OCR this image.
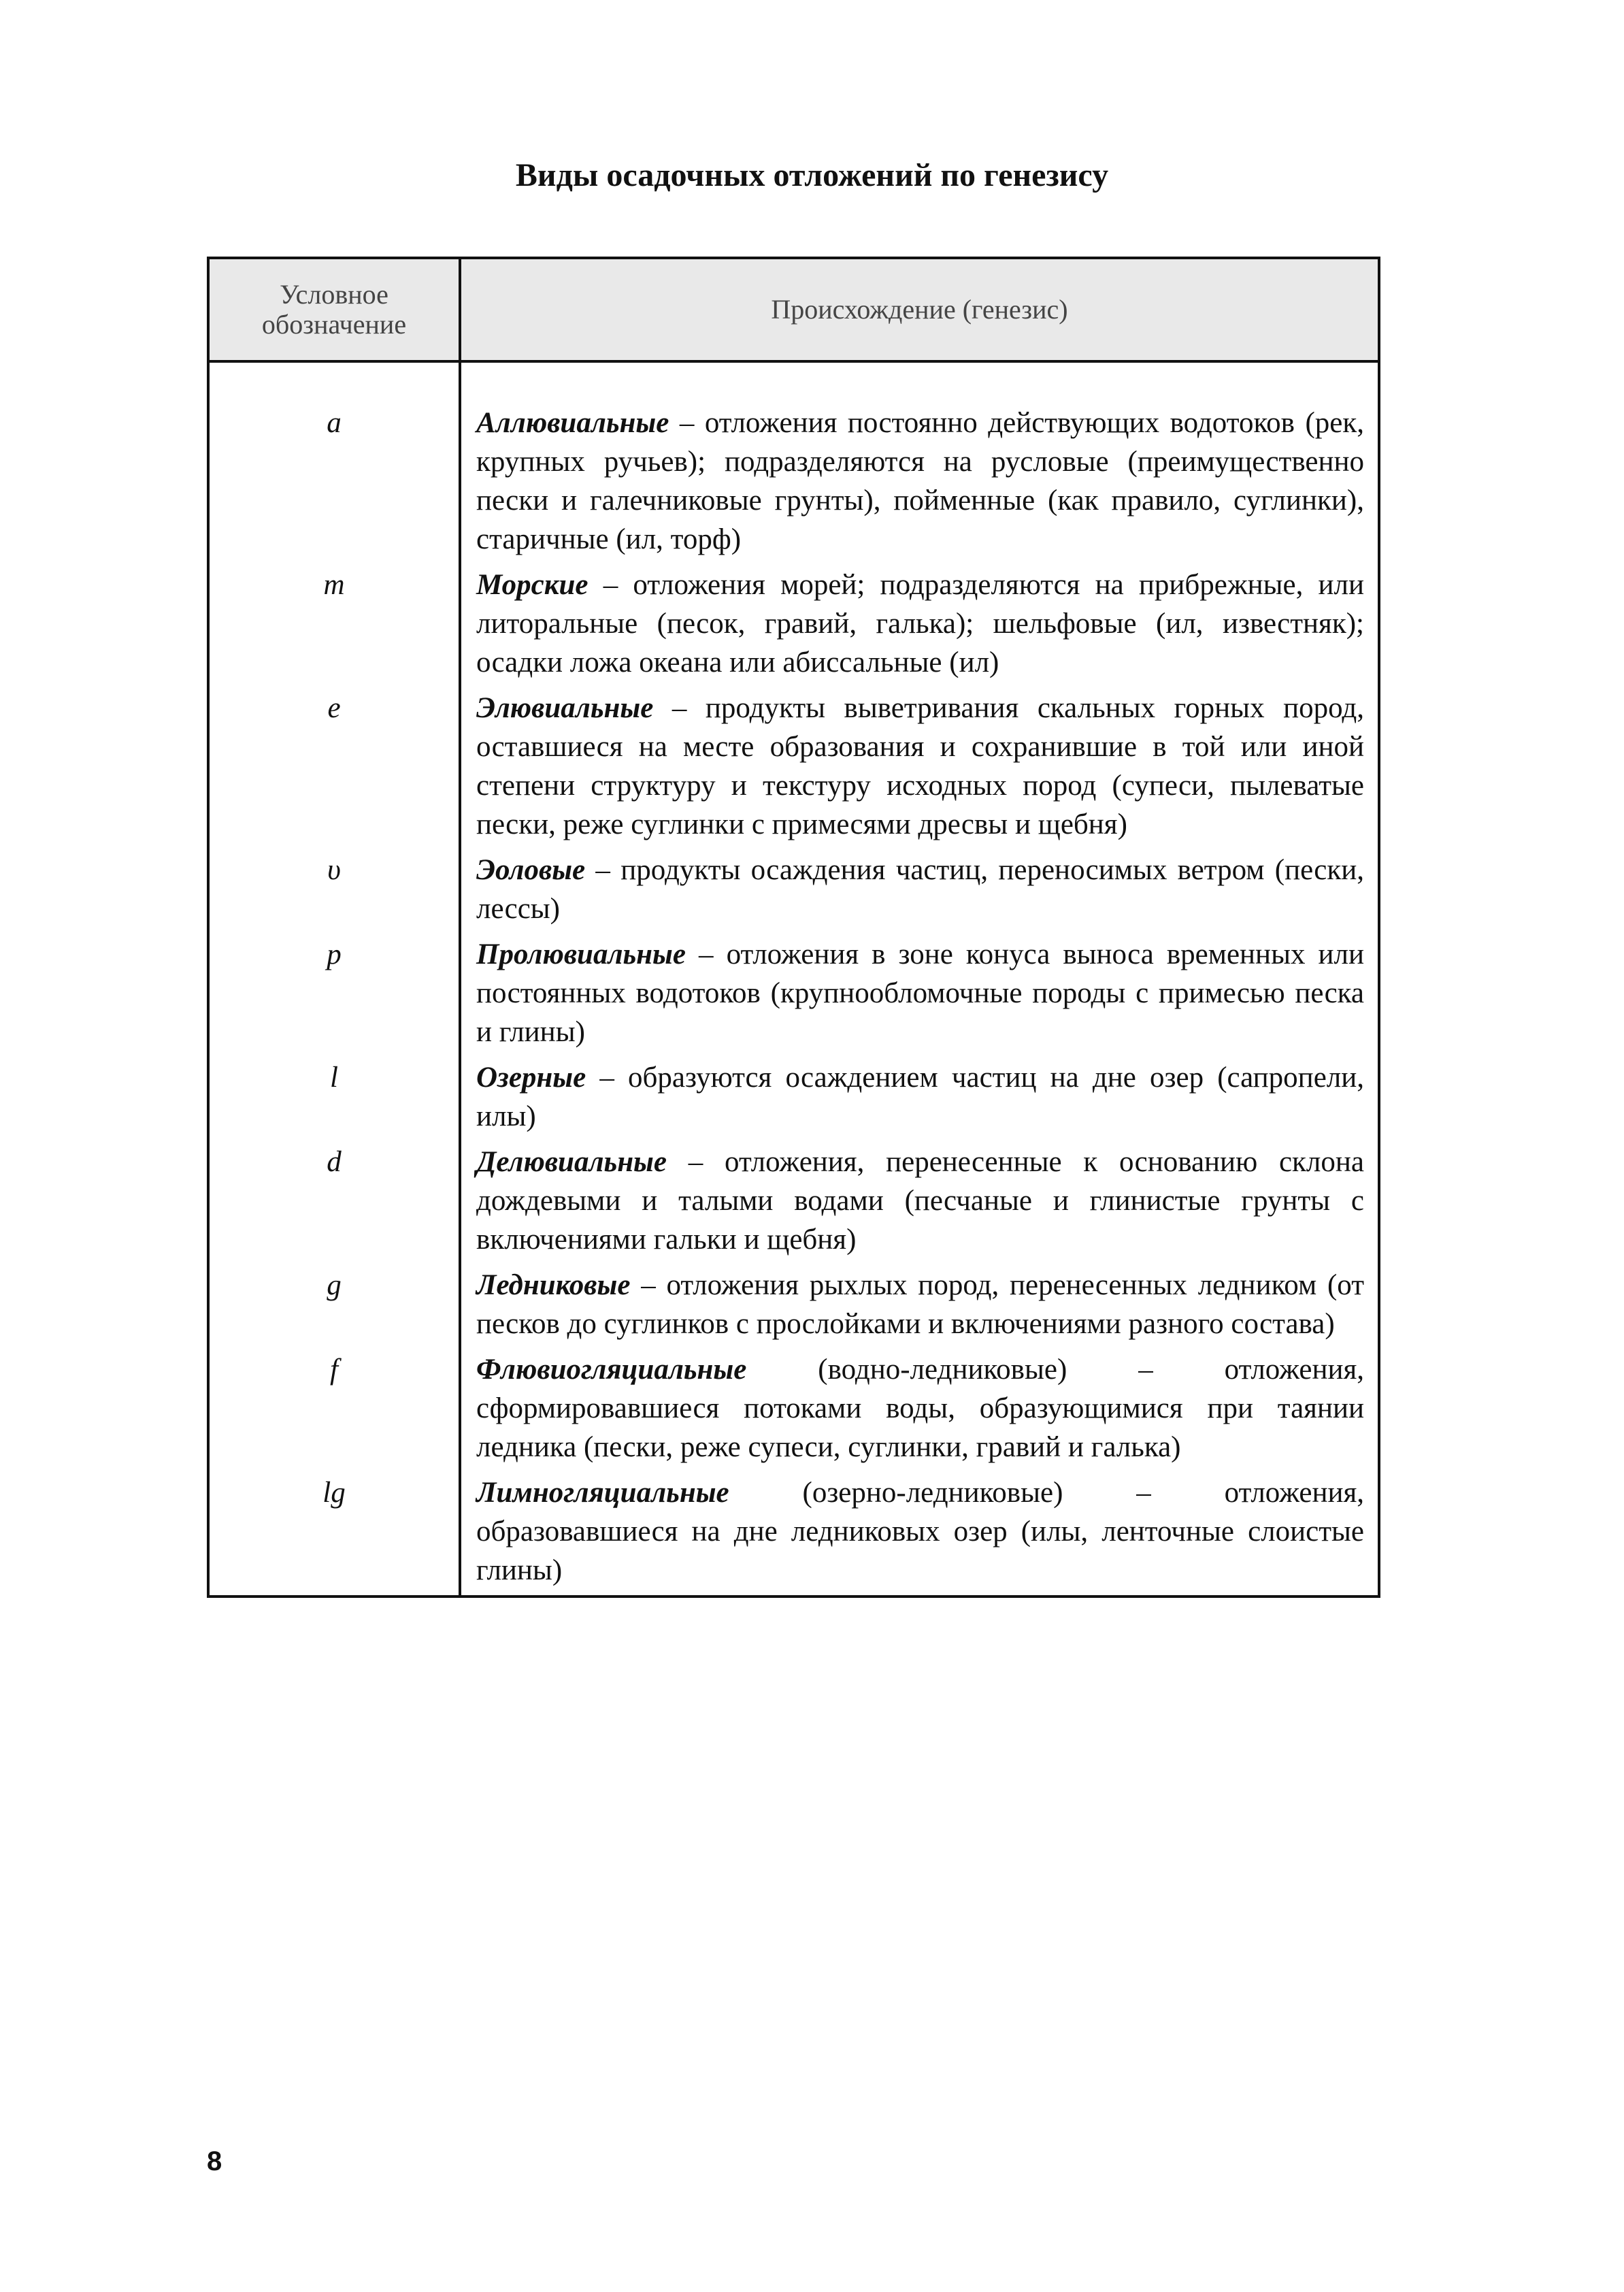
Виды осадочных отложений по генезису
Условное
обозначение	Происхождение (генезис)
a	Аллювиальные – отложения постоянно действующих водотоков (рек, крупных ручьев); подразделяются на русловые (преимущественно пески и галечниковые грунты), пойменные (как правило, суглинки), старичные (ил, торф)
m	Морские – отложения морей; подразделяются на прибрежные, или литоральные (песок, гравий, галька); шельфовые (ил, известняк); осадки ложа океана или абиссальные (ил)
e	Элювиальные – продукты выветривания скальных горных пород, оставшиеся на месте образования и сохранившие в той или иной степени структуру и текстуру исходных пород (супеси, пылеватые пески, реже суглинки с примесями дресвы и щебня)
υ	Эоловые – продукты осаждения частиц, переносимых ветром (пески, лессы)
p	Пролювиальные – отложения в зоне конуса выноса временных или постоянных водотоков (крупнообломочные породы с примесью песка и глины)
l	Озерные – образуются осаждением частиц на дне озер (сапропели, илы)
d	Делювиальные – отложения, перенесенные к основанию склона дождевыми и талыми водами (песчаные и глинистые грунты с включениями гальки и щебня)
g	Ледниковые – отложения рыхлых пород, перенесенных ледником (от песков до суглинков с прослойками и включениями разного состава)
f	Флювиогляциальные (водно-ледниковые) – отложения, сформировавшиеся потоками воды, образующимися при таянии ледника (пески, реже супеси, суглинки, гравий и галька)
lg	Лимногляциальные (озерно-ледниковые) – отложения, образовавшиеся на дне ледниковых озер (илы, ленточные слоистые глины)
8
